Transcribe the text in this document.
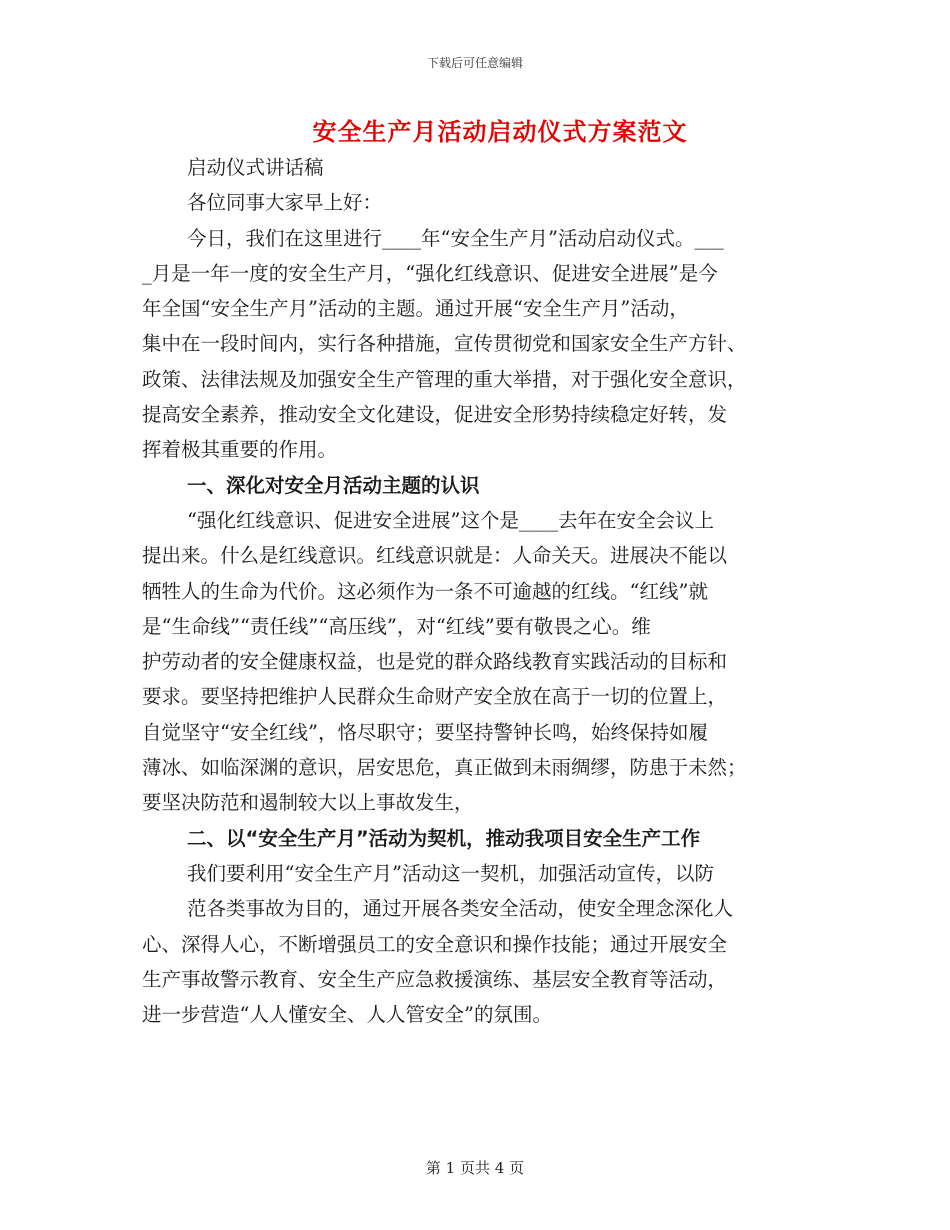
下载后可任意编辑
安全生产月活动启动仪式方案范文
启动仪式讲话稿
各位同事大家早上好：
今日，我们在这里进行____年“安全生产月”活动启动仪式。___
_月是一年一度的安全生产月，“强化红线意识、促进安全进展”是今
年全国“安全生产月”活动的主题。通过开展“安全生产月”活动，
集中在一段时间内，实行各种措施，宣传贯彻党和国家安全生产方针、
政策、法律法规及加强安全生产管理的重大举措，对于强化安全意识，
提高安全素养，推动安全文化建设，促进安全形势持续稳定好转，发
挥着极其重要的作用。
一、深化对安全月活动主题的认识
“强化红线意识、促进安全进展”这个是____去年在安全会议上
提出来。什么是红线意识。红线意识就是：人命关天。进展决不能以
牺牲人的生命为代价。这必须作为一条不可逾越的红线。“红线”就
是“生命线”“责任线”“高压线”，对“红线”要有敬畏之心。维
护劳动者的安全健康权益，也是党的群众路线教育实践活动的目标和
要求。要坚持把维护人民群众生命财产安全放在高于一切的位置上，
自觉坚守“安全红线”，恪尽职守；要坚持警钟长鸣，始终保持如履
薄冰、如临深渊的意识，居安思危，真正做到未雨绸缪，防患于未然；
要坚决防范和遏制较大以上事故发生，
二、以“安全生产月”活动为契机，推动我项目安全生产工作
我们要利用“安全生产月”活动这一契机，加强活动宣传，以防
范各类事故为目的，通过开展各类安全活动，使安全理念深化人
心、深得人心，不断增强员工的安全意识和操作技能；通过开展安全
生产事故警示教育、安全生产应急救援演练、基层安全教育等活动，
进一步营造“人人懂安全、人人管安全”的氛围。
第 1 页共 4 页
